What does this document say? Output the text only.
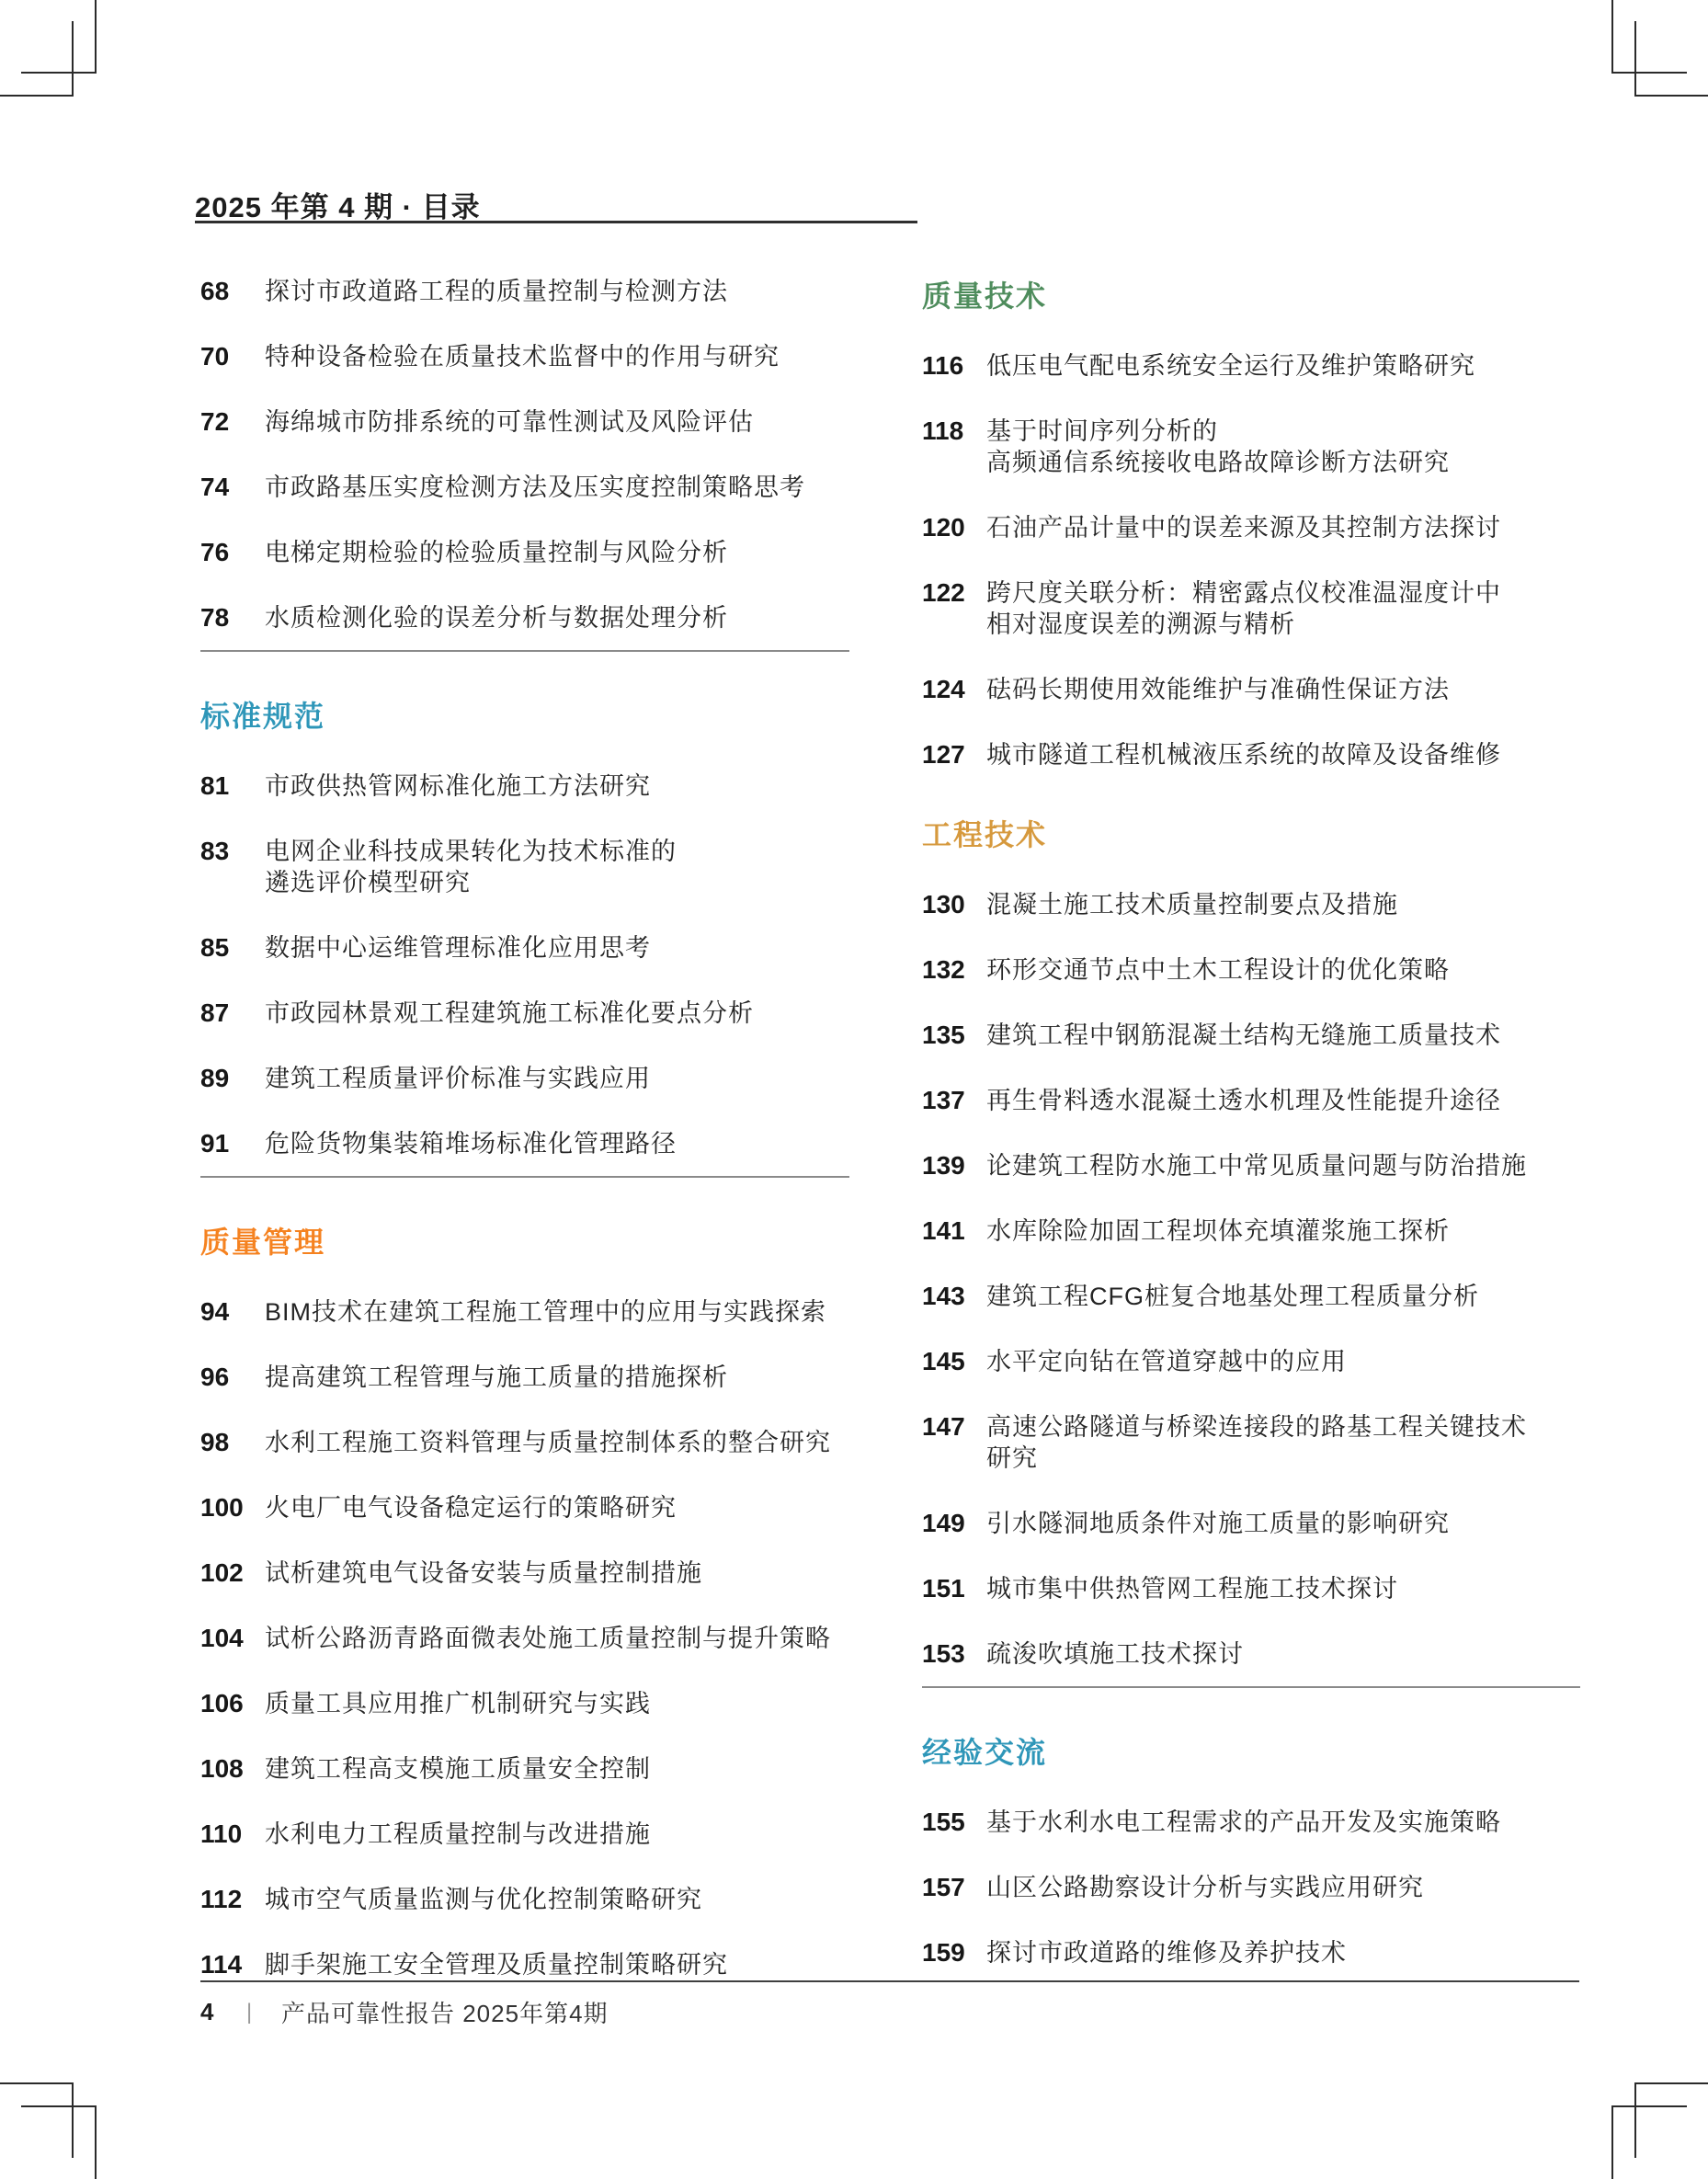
2025 年第 4 期 · 目录
68	探讨市政道路工程的质量控制与检测方法
70	特种设备检验在质量技术监督中的作用与研究
72	海绵城市防排系统的可靠性测试及风险评估
74	市政路基压实度检测方法及压实度控制策略思考
76	电梯定期检验的检验质量控制与风险分析
78	水质检测化验的误差分析与数据处理分析
标准规范
81	市政供热管网标准化施工方法研究
83	电网企业科技成果转化为技术标准的
遴选评价模型研究
85	数据中心运维管理标准化应用思考
87	市政园林景观工程建筑施工标准化要点分析
89	建筑工程质量评价标准与实践应用
91	危险货物集装箱堆场标准化管理路径
质量管理
94	BIM技术在建筑工程施工管理中的应用与实践探索
96	提高建筑工程管理与施工质量的措施探析
98	水利工程施工资料管理与质量控制体系的整合研究
100 火电厂电气设备稳定运行的策略研究
102 试析建筑电气设备安装与质量控制措施
104 试析公路沥青路面微表处施工质量控制与提升策略
106 质量工具应用推广机制研究与实践
108 建筑工程高支模施工质量安全控制
110 水利电力工程质量控制与改进措施
112 城市空气质量监测与优化控制策略研究
114 脚手架施工安全管理及质量控制策略研究
质量技术
116 低压电气配电系统安全运行及维护策略研究
118 基于时间序列分析的
高频通信系统接收电路故障诊断方法研究
120 石油产品计量中的误差来源及其控制方法探讨
122 跨尺度关联分析：精密露点仪校准温湿度计中
相对湿度误差的溯源与精析
124 砝码长期使用效能维护与准确性保证方法
127 城市隧道工程机械液压系统的故障及设备维修
工程技术
130 混凝土施工技术质量控制要点及措施
132 环形交通节点中土木工程设计的优化策略
135 建筑工程中钢筋混凝土结构无缝施工质量技术
137 再生骨料透水混凝土透水机理及性能提升途径
139 论建筑工程防水施工中常见质量问题与防治措施
141 水库除险加固工程坝体充填灌浆施工探析
143 建筑工程CFG桩复合地基处理工程质量分析
145 水平定向钻在管道穿越中的应用
147 高速公路隧道与桥梁连接段的路基工程关键技术
研究
149 引水隧洞地质条件对施工质量的影响研究
151 城市集中供热管网工程施工技术探讨
153 疏浚吹填施工技术探讨
经验交流
155 基于水利水电工程需求的产品开发及实施策略
157 山区公路勘察设计分析与实践应用研究
159 探讨市政道路的维修及养护技术
4	|	产品可靠性报告 2025年第4期
